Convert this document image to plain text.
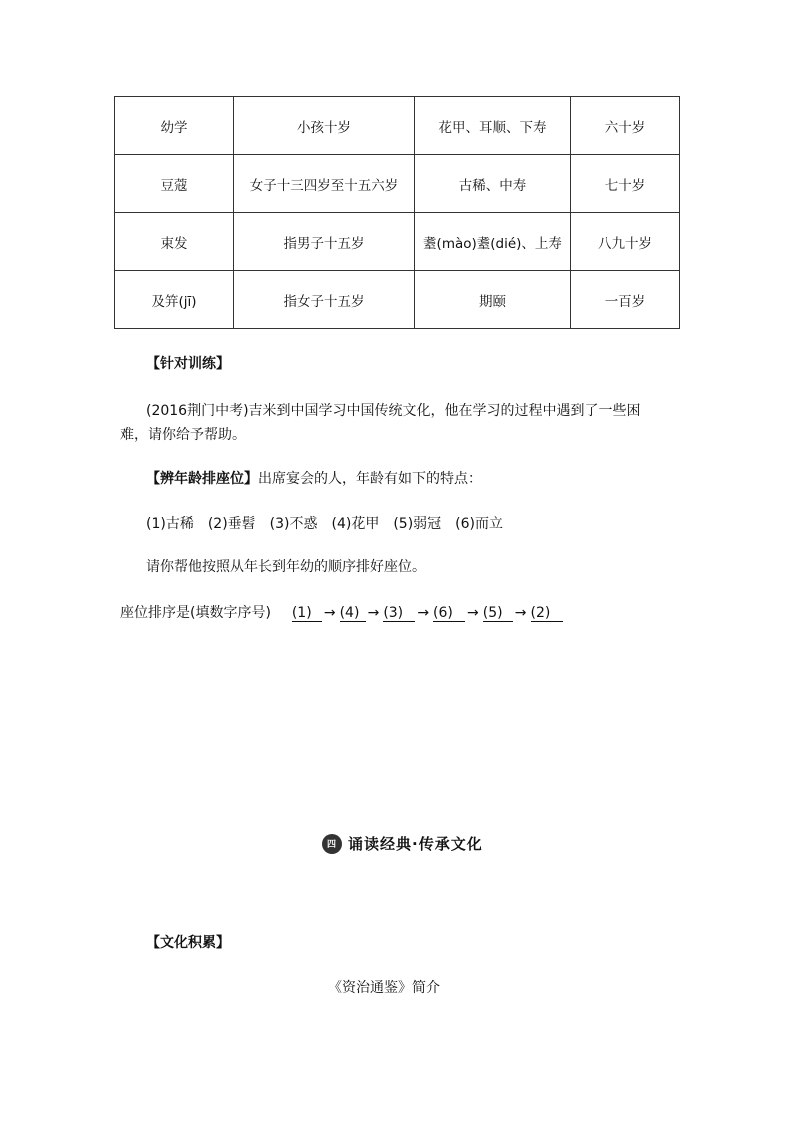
幼学	小孩十岁	花甲、耳顺、下寿	六十岁
豆蔻	女子十三四岁至十五六岁	古稀、中寿	七十岁
束发	指男子十五岁	耋(mào)耋(dié)、上寿	八九十岁
及笄(jī)	指女子十五岁	期颐	一百岁
【针对训练】
(2016荆门中考)吉米到中国学习中国传统文化，他在学习的过程中遇到了一些困难，请你给予帮助。
【辨年龄排座位】出席宴会的人，年龄有如下的特点：
(1)古稀　(2)垂髫　(3)不惑　(4)花甲　(5)弱冠　(6)而立
请你帮他按照从年长到年幼的顺序排好座位。
座位排序是(填数字序号) (1) → (4) → (3) → (6) → (5) → (2)
四 诵读经典·传承文化
【文化积累】
《资治通鉴》简介
